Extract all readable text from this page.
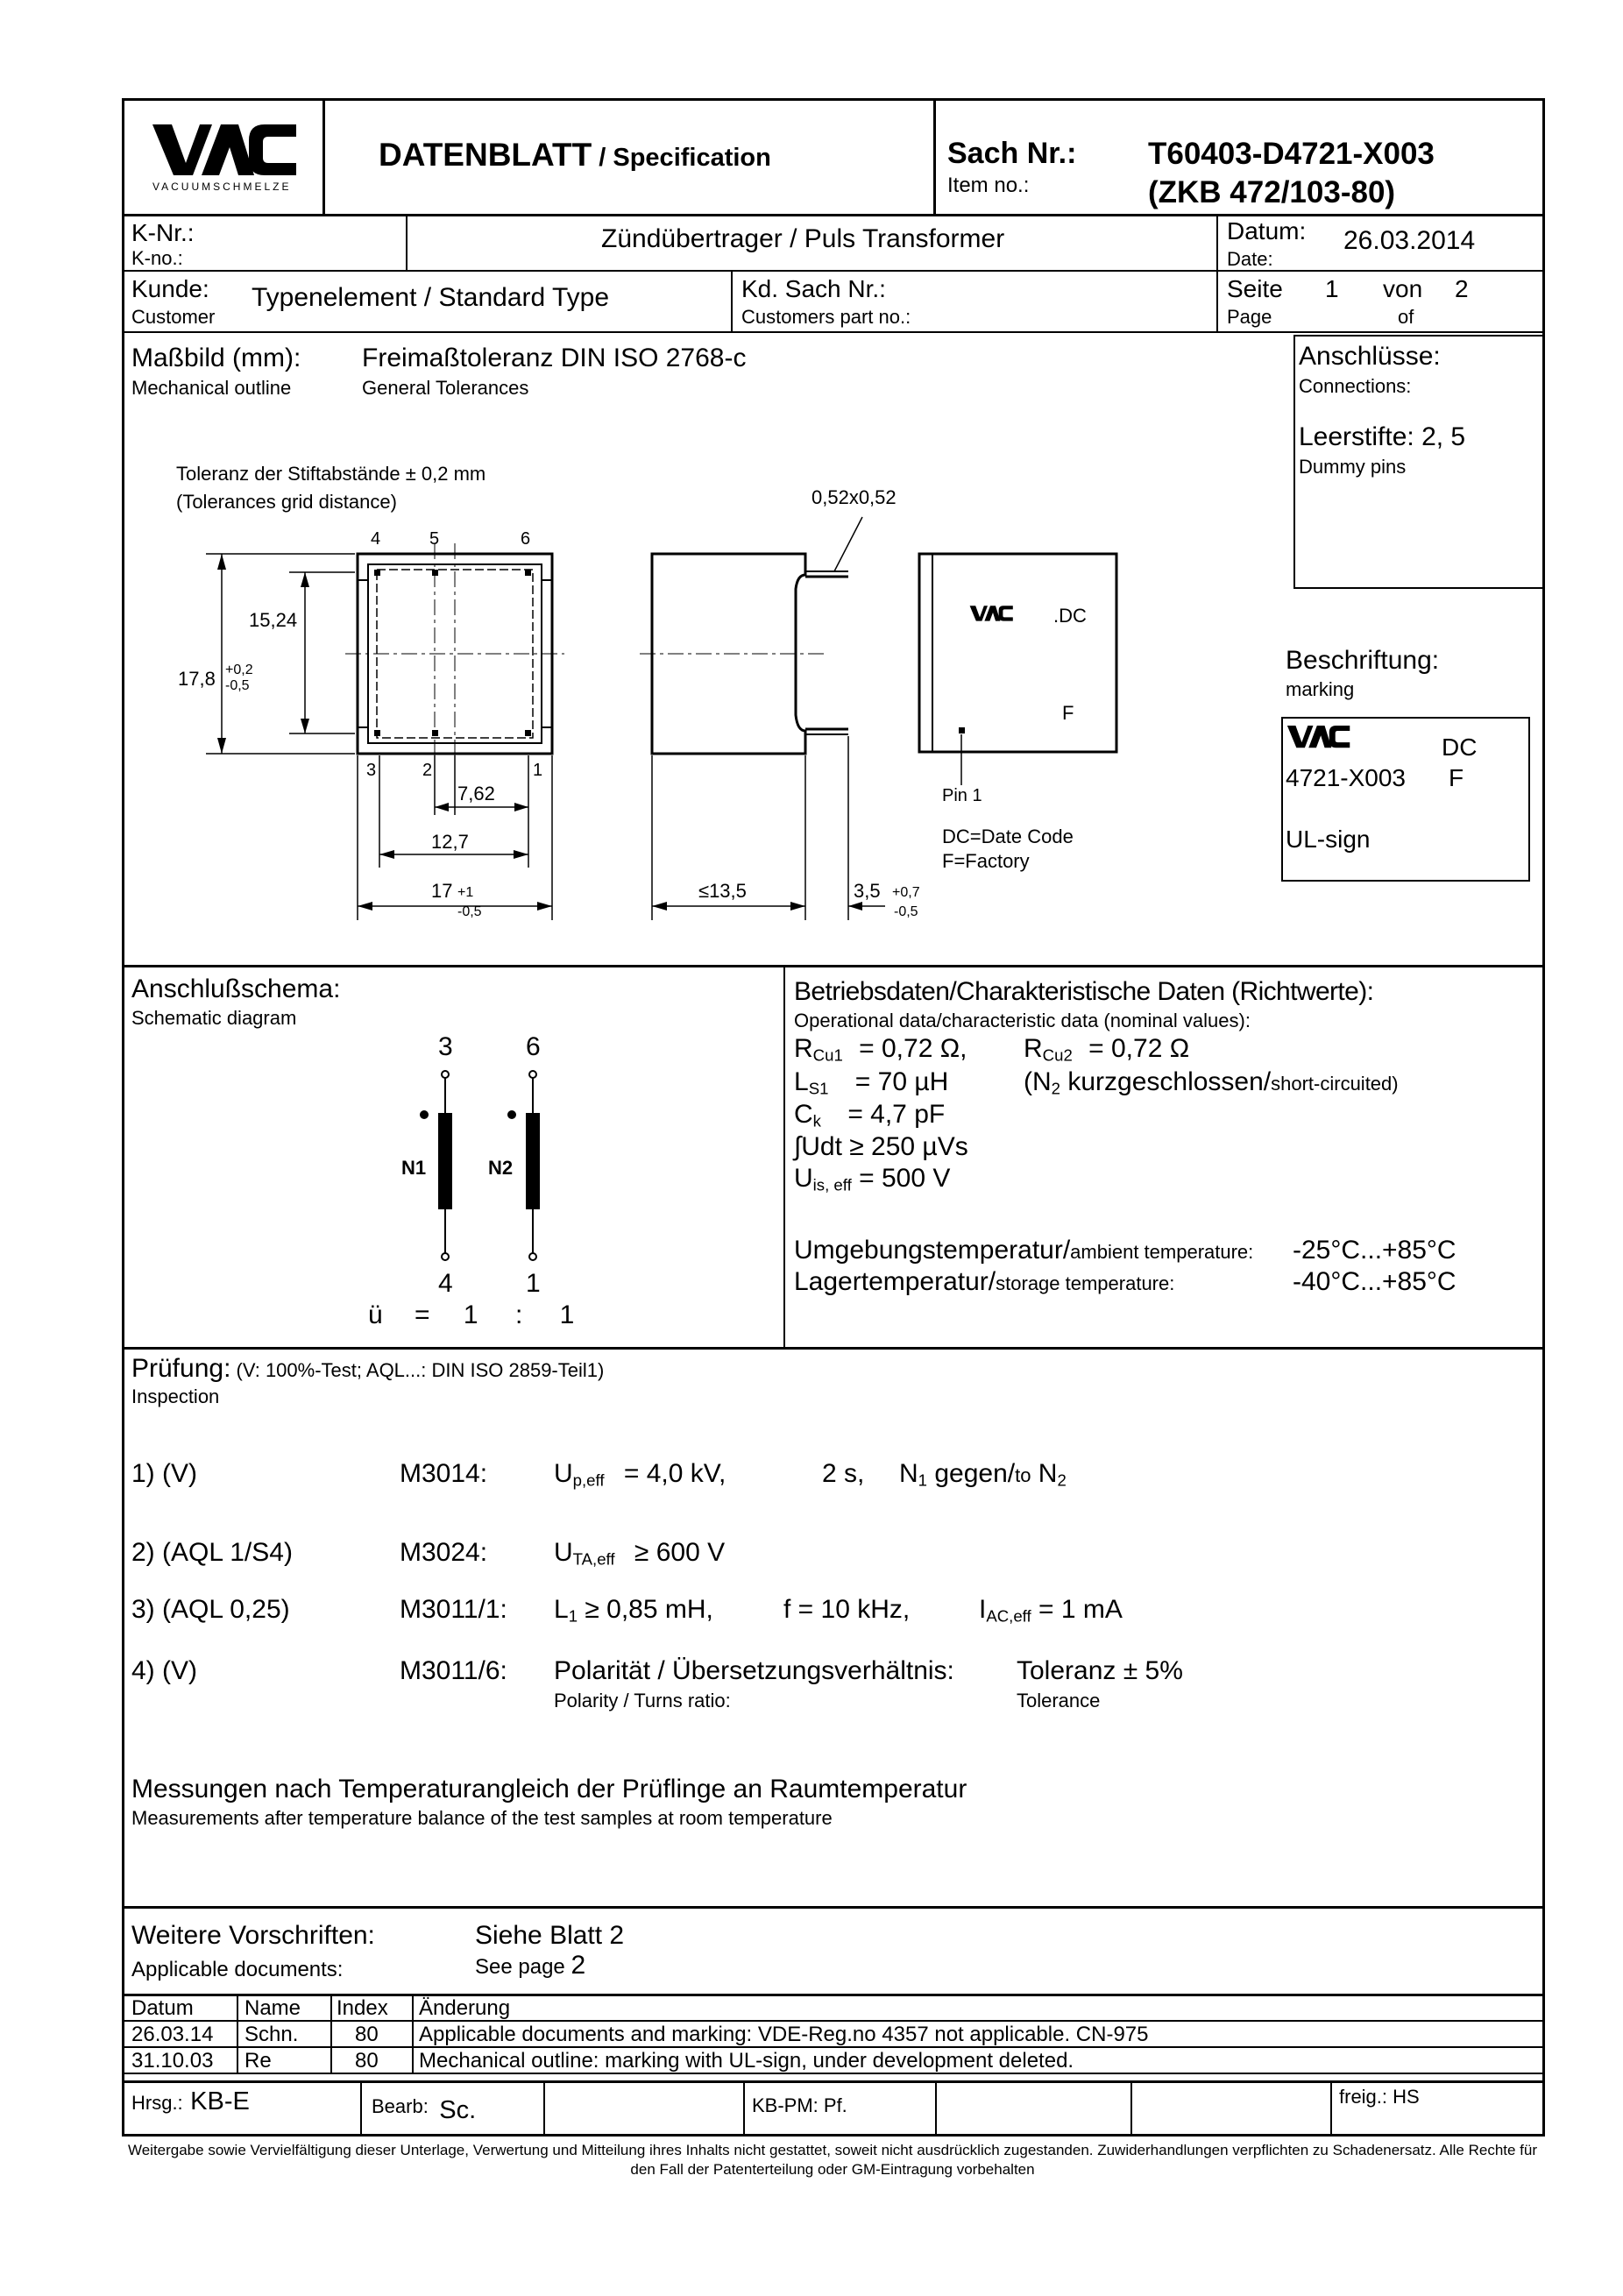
VACUUMSCHMELZE
DATENBLATT / Specification	Sach Nr.:
Item no.:
T60403-D4721-X003
(ZKB 472/103-80)
K-Nr.:
K-no.:
Zündübertrager / Puls Transformer	Datum:
Date:
26.03.2014
Kunde:
Customer
Typenelement / Standard Type	Kd. Sach Nr.:
Customers part no.:
Seite
Page
1 von
of
2
Maßbild (mm):
Mechanical outline
Freimaßtoleranz DIN ISO 2768-c
General Tolerances
Toleranz der Stiftabstände ± 0,2 mm
(Tolerances grid distance)	0,52x0,52
4	5	6
3	2	1
15,24
17,8 +0,2
-0,5
7,62
12,7
17 +1
-0,5
≤13,5	3,5 +0,7
-0,5
.DC
F
Pin 1
DC=Date Code
F=Factory
Anschlüsse:
Connections:
Leerstifte: 2, 5
Dummy pins
Beschriftung:
marking
DC
4721-X003 F
UL-sign
Anschlußschema:
Schematic diagram
3	6
N1	N2
4	1
ü = 1 : 1
Betriebsdaten/Charakteristische Daten (Richtwerte):
Operational data/characteristic data (nominal values):
$R_{Cu1} = 0,72$ Ω, $R_{Cu2} = 0,72$ Ω
$L_{S1} = 70$ µH	($N_2$ kurzgeschlossen/short-circuited)
$C_k = 4,7$ pF
∫Udt ≥ 250 µVs
$U_{is, eff} = 500$ V
Umgebungstemperatur/ambient temperature: -25°C...+85°C
Lagertemperatur/storage temperature:	-40°C...+85°C
Prüfung: (V: 100%-Test; AQL...: DIN ISO 2859-Teil1)
Inspection
1) (V)	M3014:	$U_{p,eff} = 4,0$ kV,	2 s, $N_1$ gegen/to $N_2$
2) (AQL 1/S4)	M3024:	$U_{TA,eff} \ge 600$ V
3) (AQL 0,25)	M3011/1: $L_1 \ge 0,85$ mH,	f = 10 kHz,	$I_{AC,eff} = 1$ mA
4) (V)	M3011/6: Polarität / Übersetzungsverhältnis:
Polarity / Turns ratio:
Toleranz ± 5%
Tolerance
Messungen nach Temperaturangleich der Prüflinge an Raumtemperatur
Measurements after temperature balance of the test samples at room temperature
Weitere Vorschriften:
Applicable documents:
Siehe Blatt 2
See page 2
Datum Name Index Änderung
26.03.14 Schn.	80 Applicable documents and marking: VDE-Reg.no 4357 not applicable. CN-975
31.10.03 Re	80 Mechanical outline: marking with UL-sign, under development deleted.
Hrsg.: KB-E	Bearb: Sc.	KB-PM: Pf.	freig.: HS
Weitergabe sowie Vervielfältigung dieser Unterlage, Verwertung und Mitteilung ihres Inhalts nicht gestattet, soweit nicht ausdrücklich zugestanden. Zuwiderhandlungen verpflichten zu Schadenersatz. Alle Rechte für den Fall der Patenterteilung oder GM-Eintragung vorbehalten
